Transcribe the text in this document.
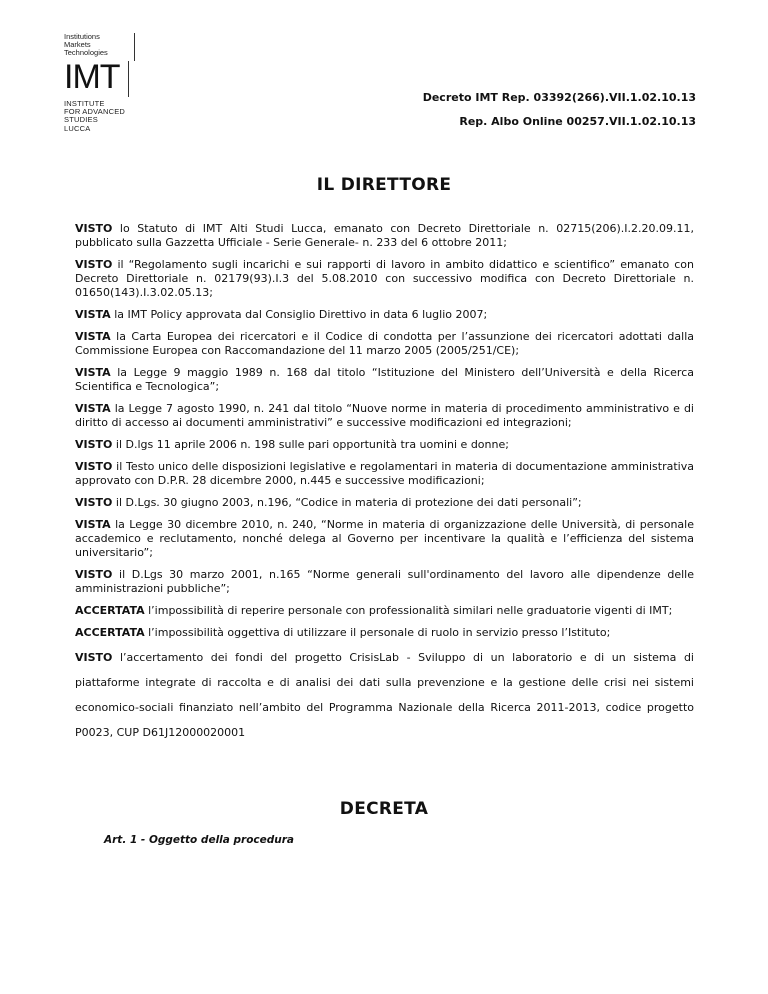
Institutions
Markets
Technologies
IMT
INSTITUTE
FOR ADVANCED
STUDIES
LUCCA
Decreto IMT Rep. 03392(266).VII.1.02.10.13
Rep. Albo Online 00257.VII.1.02.10.13
IL DIRETTORE

VISTO lo Statuto di IMT Alti Studi Lucca, emanato con Decreto Direttoriale n. 02715(206).I.2.20.09.11, pubblicato sulla Gazzetta Ufficiale - Serie Generale- n. 233 del 6 ottobre 2011;

VISTO il “Regolamento sugli incarichi e sui rapporti di lavoro in ambito didattico e scientifico” emanato con Decreto Direttoriale n. 02179(93).I.3 del 5.08.2010 con successivo modifica con Decreto Direttoriale n. 01650(143).I.3.02.05.13;

VISTA la IMT Policy approvata dal Consiglio Direttivo in data 6 luglio 2007;

VISTA la Carta Europea dei ricercatori e il Codice di condotta per l’assunzione dei ricercatori adottati dalla Commissione Europea con Raccomandazione del 11 marzo 2005 (2005/251/CE);

VISTA la Legge 9 maggio 1989 n. 168 dal titolo “Istituzione del Ministero dell’Università e della Ricerca Scientifica e Tecnologica”;

VISTA la Legge 7 agosto 1990, n. 241 dal titolo “Nuove norme in materia di procedimento amministrativo e di diritto di accesso ai documenti amministrativi” e successive modificazioni ed integrazioni;

VISTO il D.lgs 11 aprile 2006 n. 198 sulle pari opportunità tra uomini e donne;

VISTO il Testo unico delle disposizioni legislative e regolamentari in materia di documentazione amministrativa approvato con D.P.R. 28 dicembre 2000, n.445 e successive modificazioni;

VISTO il D.Lgs. 30 giugno 2003, n.196, “Codice in materia di protezione dei dati personali”;

VISTA la Legge 30 dicembre 2010, n. 240, “Norme in materia di organizzazione delle Università, di personale accademico e reclutamento, nonché delega al Governo per incentivare la qualità e l’efficienza del sistema universitario”;

VISTO il D.Lgs 30 marzo 2001, n.165 “Norme generali sull'ordinamento del lavoro alle dipendenze delle amministrazioni pubbliche”;

ACCERTATA l’impossibilità di reperire personale con professionalità similari nelle graduatorie vigenti di IMT;

ACCERTATA l’impossibilità oggettiva di utilizzare il personale di ruolo in servizio presso l’Istituto;

VISTO l’accertamento dei fondi del progetto CrisisLab - Sviluppo di un laboratorio e di un sistema di piattaforme integrate di raccolta e di analisi dei dati sulla prevenzione e la gestione delle crisi nei sistemi economico-sociali finanziato nell’ambito del Programma Nazionale della Ricerca 2011-2013, codice progetto P0023, CUP D61J12000020001

DECRETA
Art. 1 - Oggetto della procedura
